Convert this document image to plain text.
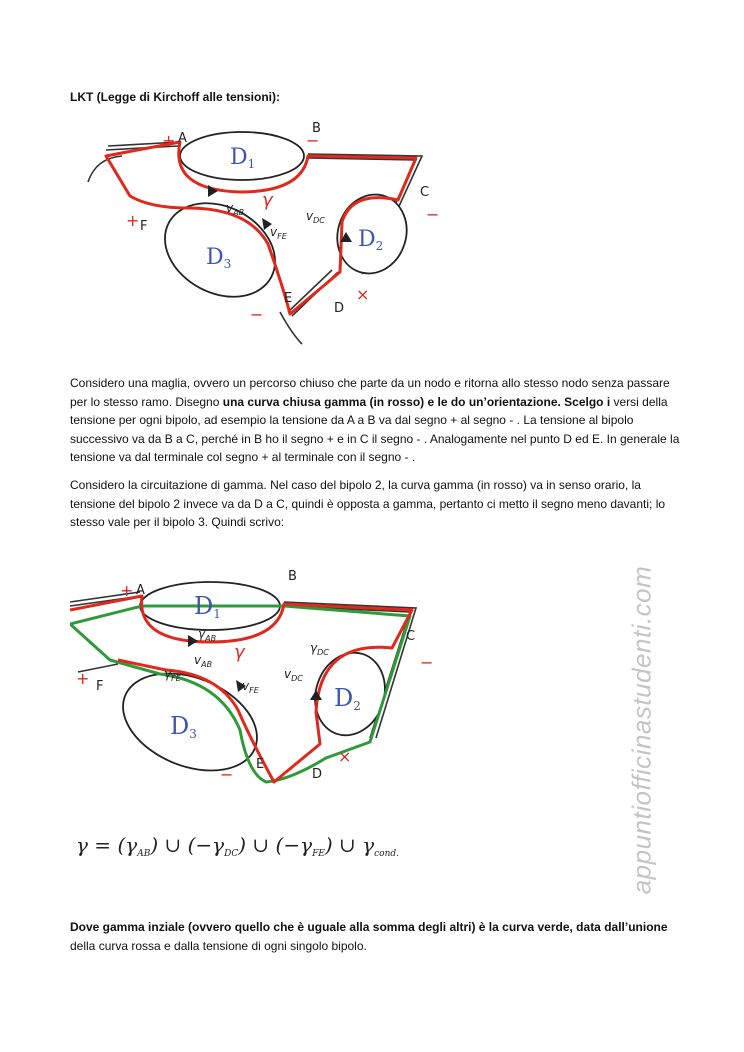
LKT (Legge di Kirchoff alle tensioni):
A
B
C
D
E
F
D1
D3
D2
$v_{AB}$
$v_{FE}$
$v_{DC}$
γ
+
+
−
−
−
×
Considero una maglia, ovvero un percorso chiuso che parte da un nodo e ritorna allo stesso nodo senza passare per lo stesso ramo. Disegno una curva chiusa gamma (in rosso) e le do un’orientazione. Scelgo i versi della tensione per ogni bipolo, ad esempio la tensione da A a B va dal segno + al segno - . La tensione al bipolo successivo va da B a C, perché in B ho il segno + e in C il segno - . Analogamente nel punto D ed E. In generale la tensione va dal terminale col segno + al terminale con il segno - .
Considero la circuitazione di gamma. Nel caso del bipolo 2, la curva gamma (in rosso) va in senso orario, la tensione del bipolo 2 invece va da D a C, quindi è opposta a gamma, pertanto ci metto il segno meno davanti; lo stesso vale per il bipolo 3. Quindi scrivo:
A
B
C
D
E
F
D1
D3
D2
$\gamma_{AB}$
$v_{AB}$
$\gamma_{FE}$
$v_{FE}$
$\gamma_{DC}$
$v_{DC}$
γ
+
+
−
−
×
$\gamma = (\gamma_{AB})$ ∪ $(-\gamma_{DC})$ ∪ $(-\gamma_{FE})$ ∪ $\gamma_{cond.}$
Dove gamma inziale (ovvero quello che è uguale alla somma degli altri) è la curva verde, data dall’unione della curva rossa e dalla tensione di ogni singolo bipolo.
appuntiofficinastudenti.com
